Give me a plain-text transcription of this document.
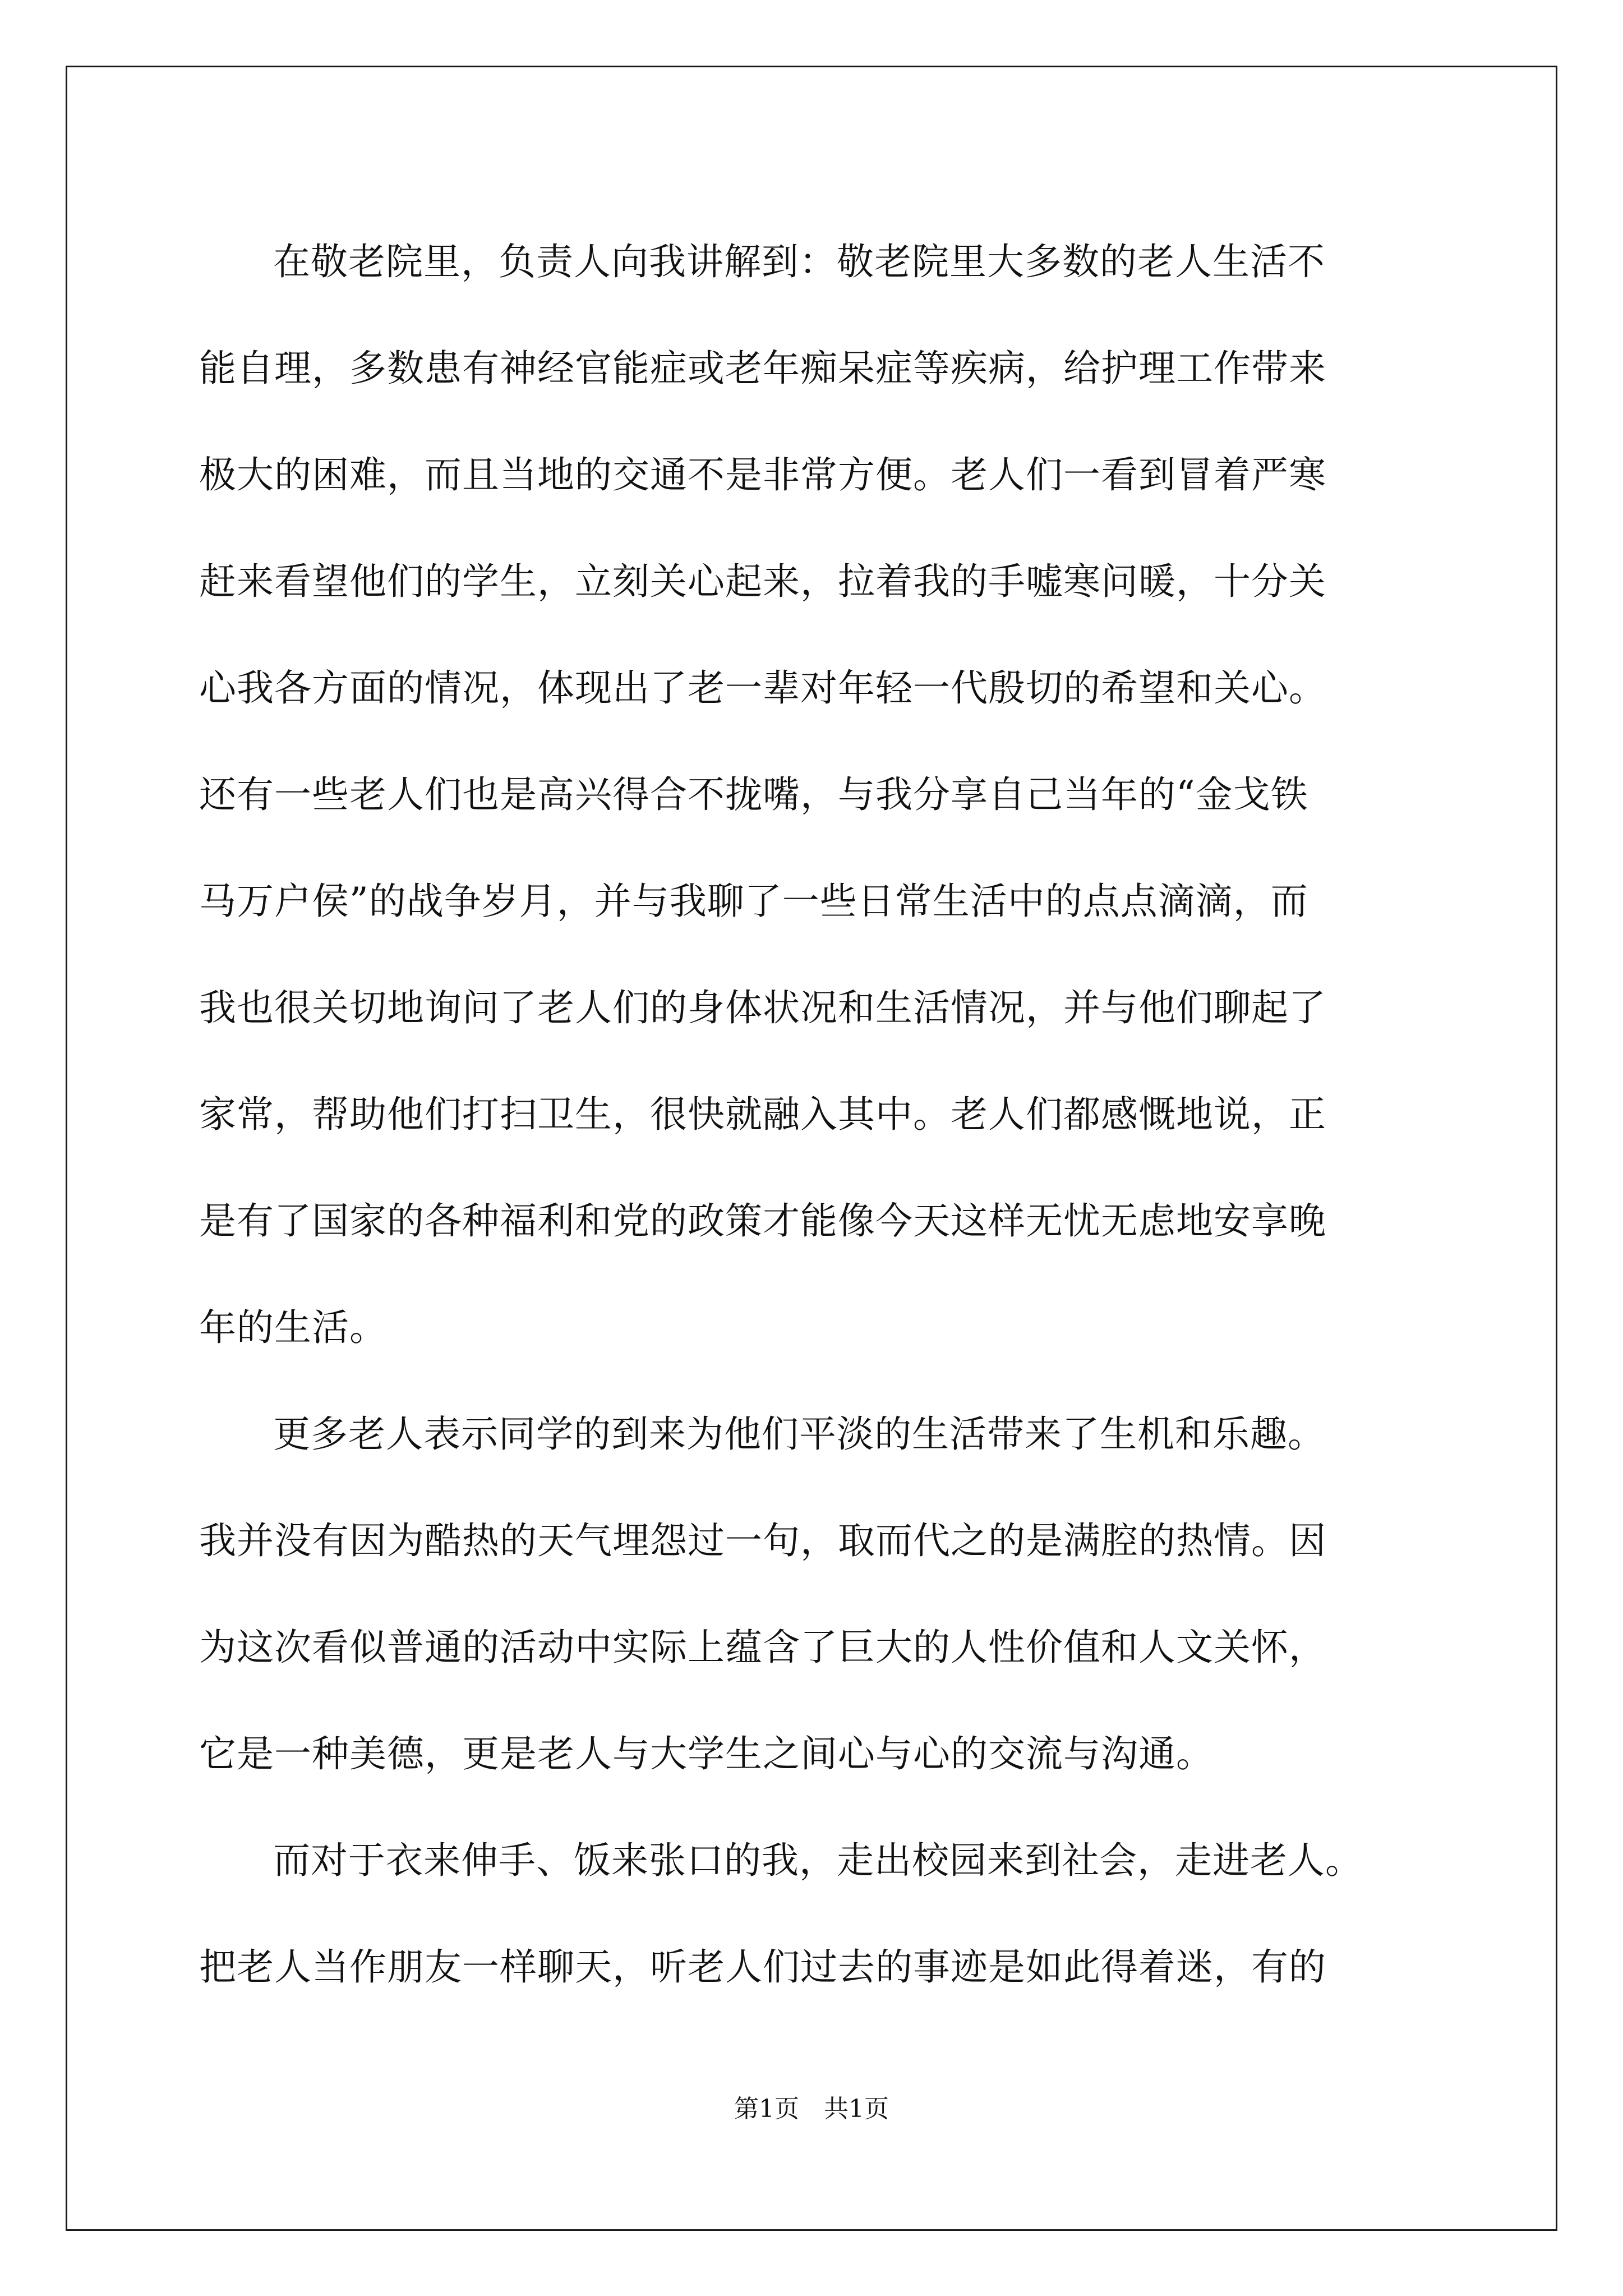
在敬老院里，负责人向我讲解到：敬老院里大多数的老人生活不
能自理，多数患有神经官能症或老年痴呆症等疾病，给护理工作带来
极大的困难，而且当地的交通不是非常方便。老人们一看到冒着严寒
赶来看望他们的学生，立刻关心起来，拉着我的手嘘寒问暖，十分关
心我各方面的情况，体现出了老一辈对年轻一代殷切的希望和关心。
还有一些老人们也是高兴得合不拢嘴，与我分享自己当年的“金戈铁
马万户侯”的战争岁月，并与我聊了一些日常生活中的点点滴滴，而
我也很关切地询问了老人们的身体状况和生活情况，并与他们聊起了
家常，帮助他们打扫卫生，很快就融入其中。老人们都感慨地说，正
是有了国家的各种福利和党的政策才能像今天这样无忧无虑地安享晚
年的生活。
更多老人表示同学的到来为他们平淡的生活带来了生机和乐趣。
我并没有因为酷热的天气埋怨过一句，取而代之的是满腔的热情。因
为这次看似普通的活动中实际上蕴含了巨大的人性价值和人文关怀，
它是一种美德，更是老人与大学生之间心与心的交流与沟通。
而对于衣来伸手、饭来张口的我，走出校园来到社会，走进老人。
把老人当作朋友一样聊天，听老人们过去的事迹是如此得着迷，有的
第1页 共1页
